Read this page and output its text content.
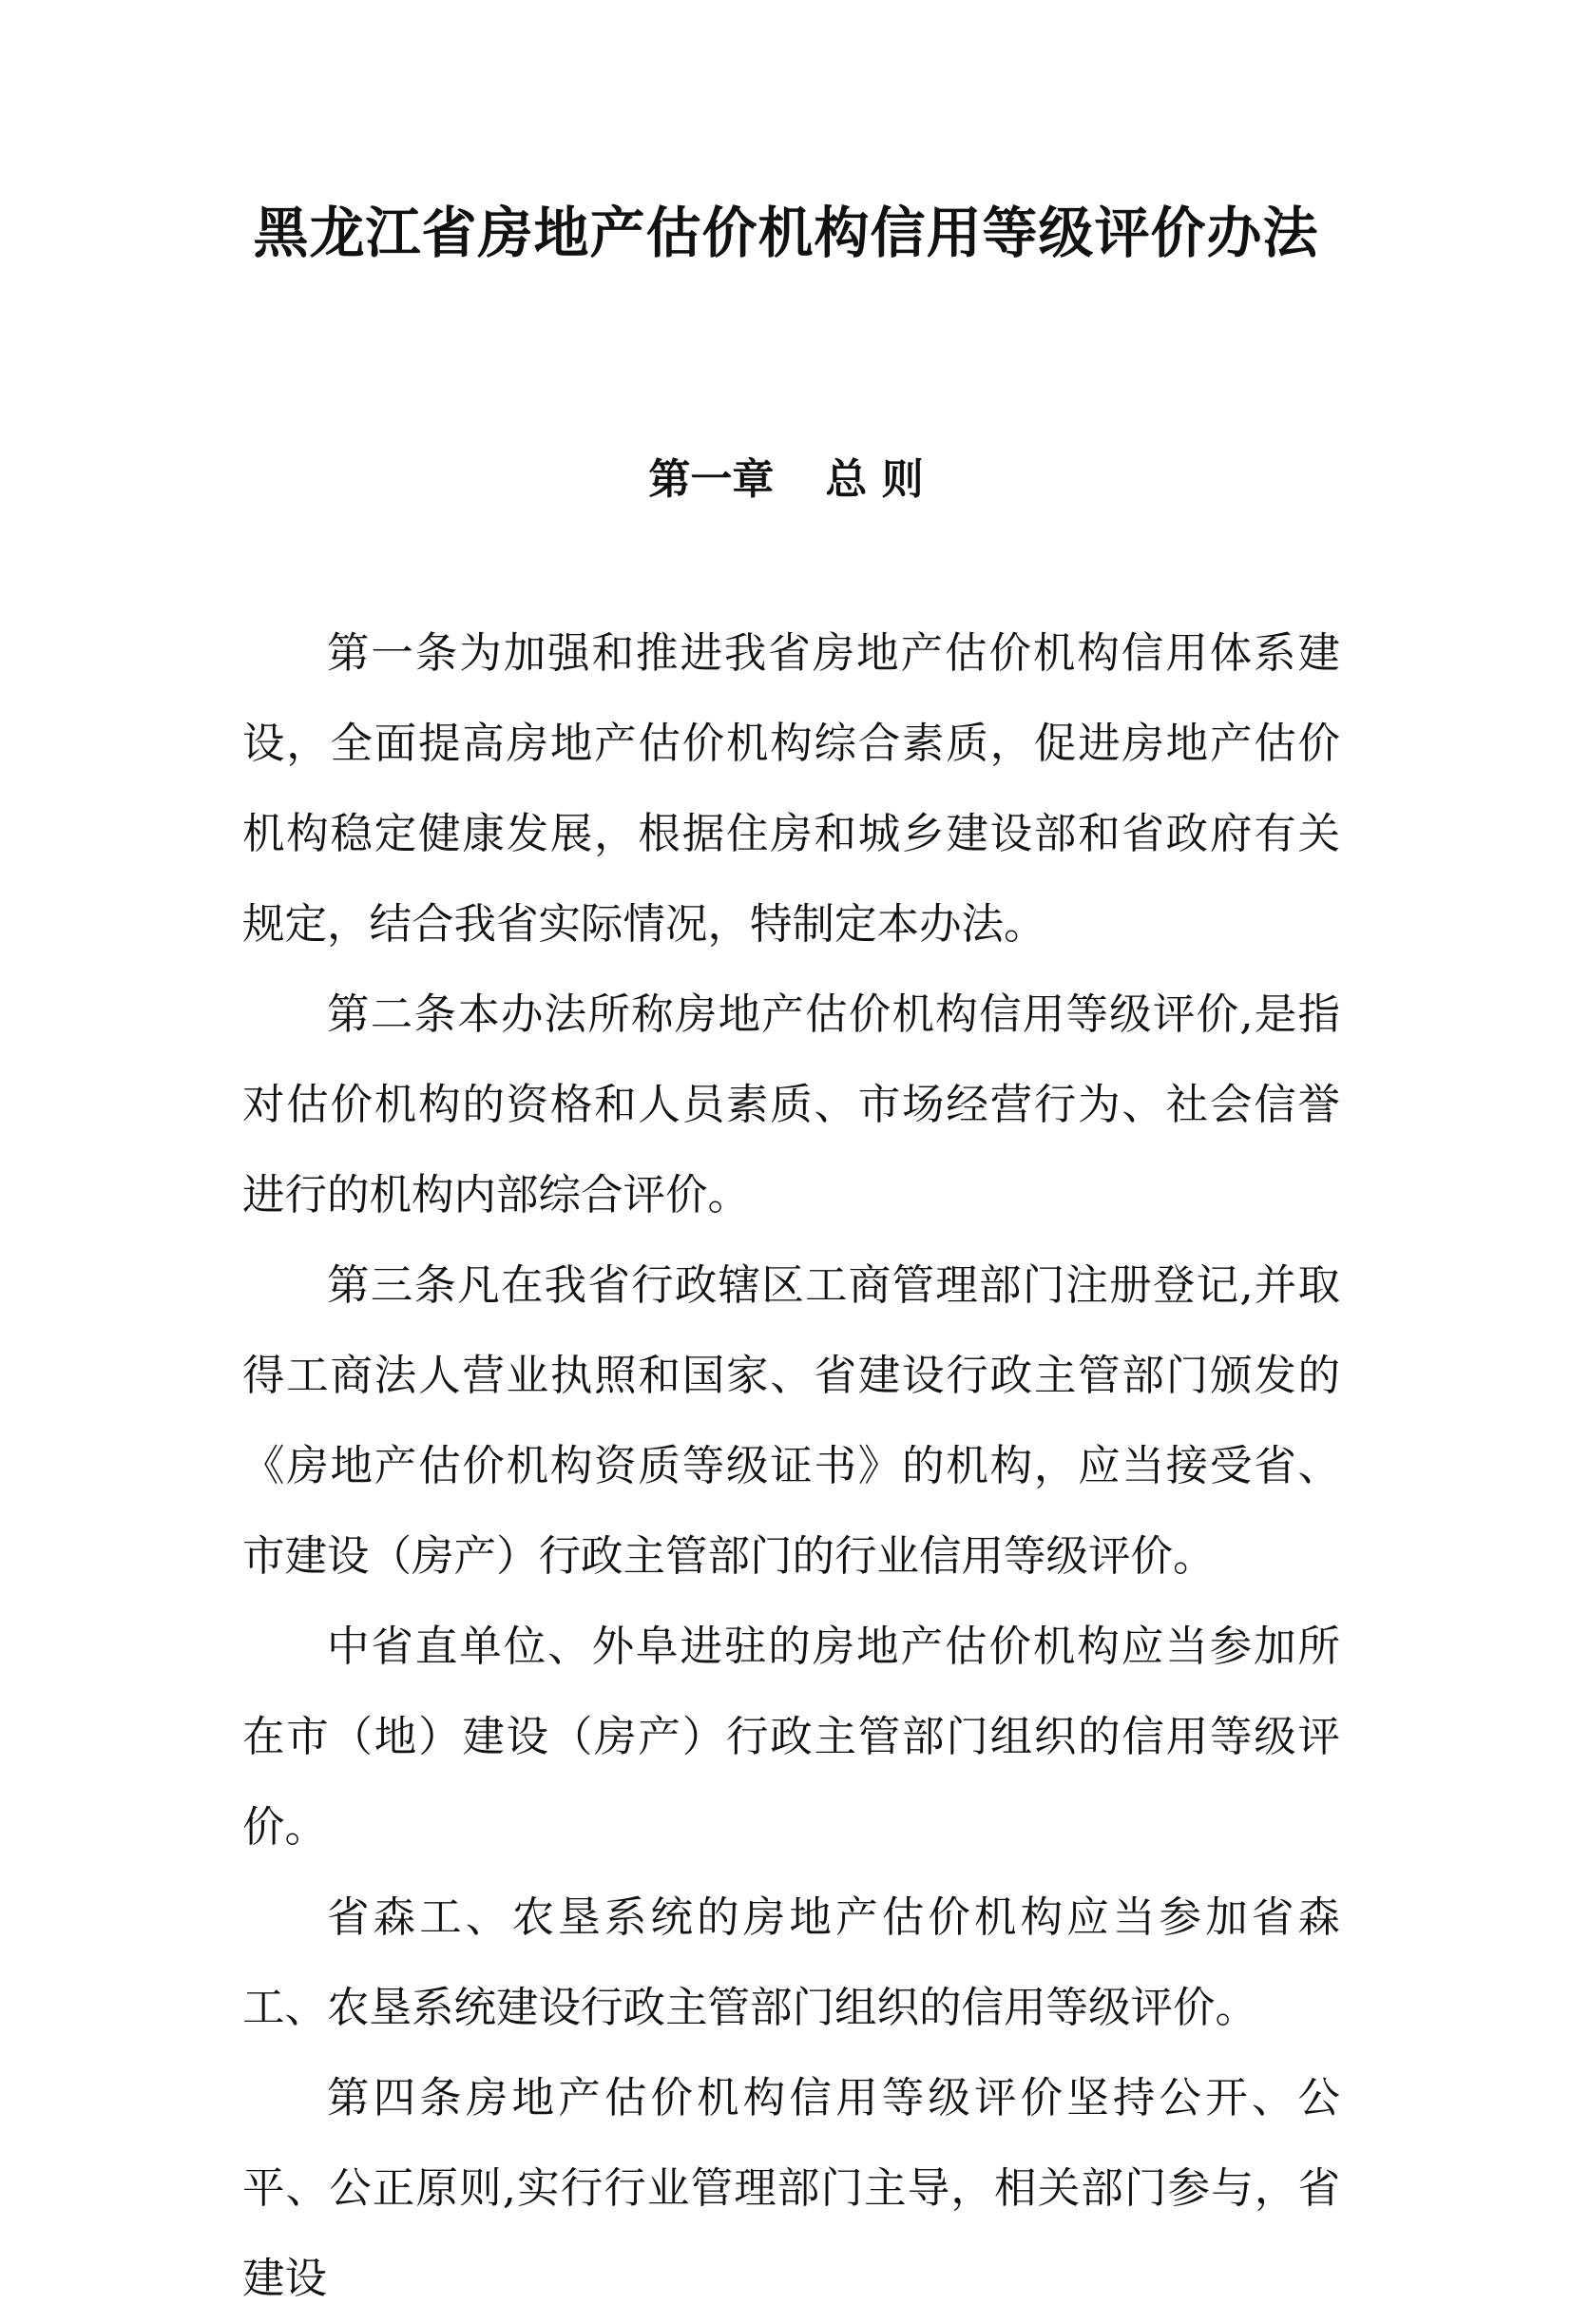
黑龙江省房地产估价机构信用等级评价办法
第一章 总 则

第一条为加强和推进我省房地产估价机构信用体系建设，全面提高房地产估价机构综合素质，促进房地产估价机构稳定健康发展，根据住房和城乡建设部和省政府有关规定，结合我省实际情况，特制定本办法。

第二条本办法所称房地产估价机构信用等级评价,是指对估价机构的资格和人员素质、市场经营行为、社会信誉进行的机构内部综合评价。

第三条凡在我省行政辖区工商管理部门注册登记,并取得工商法人营业执照和国家、省建设行政主管部门颁发的《房地产估价机构资质等级证书》的机构，应当接受省、市建设（房产）行政主管部门的行业信用等级评价。

中省直单位、外阜进驻的房地产估价机构应当参加所在市（地）建设（房产）行政主管部门组织的信用等级评价。

省森工、农垦系统的房地产估价机构应当参加省森工、农垦系统建设行政主管部门组织的信用等级评价。

第四条房地产估价机构信用等级评价坚持公开、公平、公正原则,实行行业管理部门主导，相关部门参与，省建设
